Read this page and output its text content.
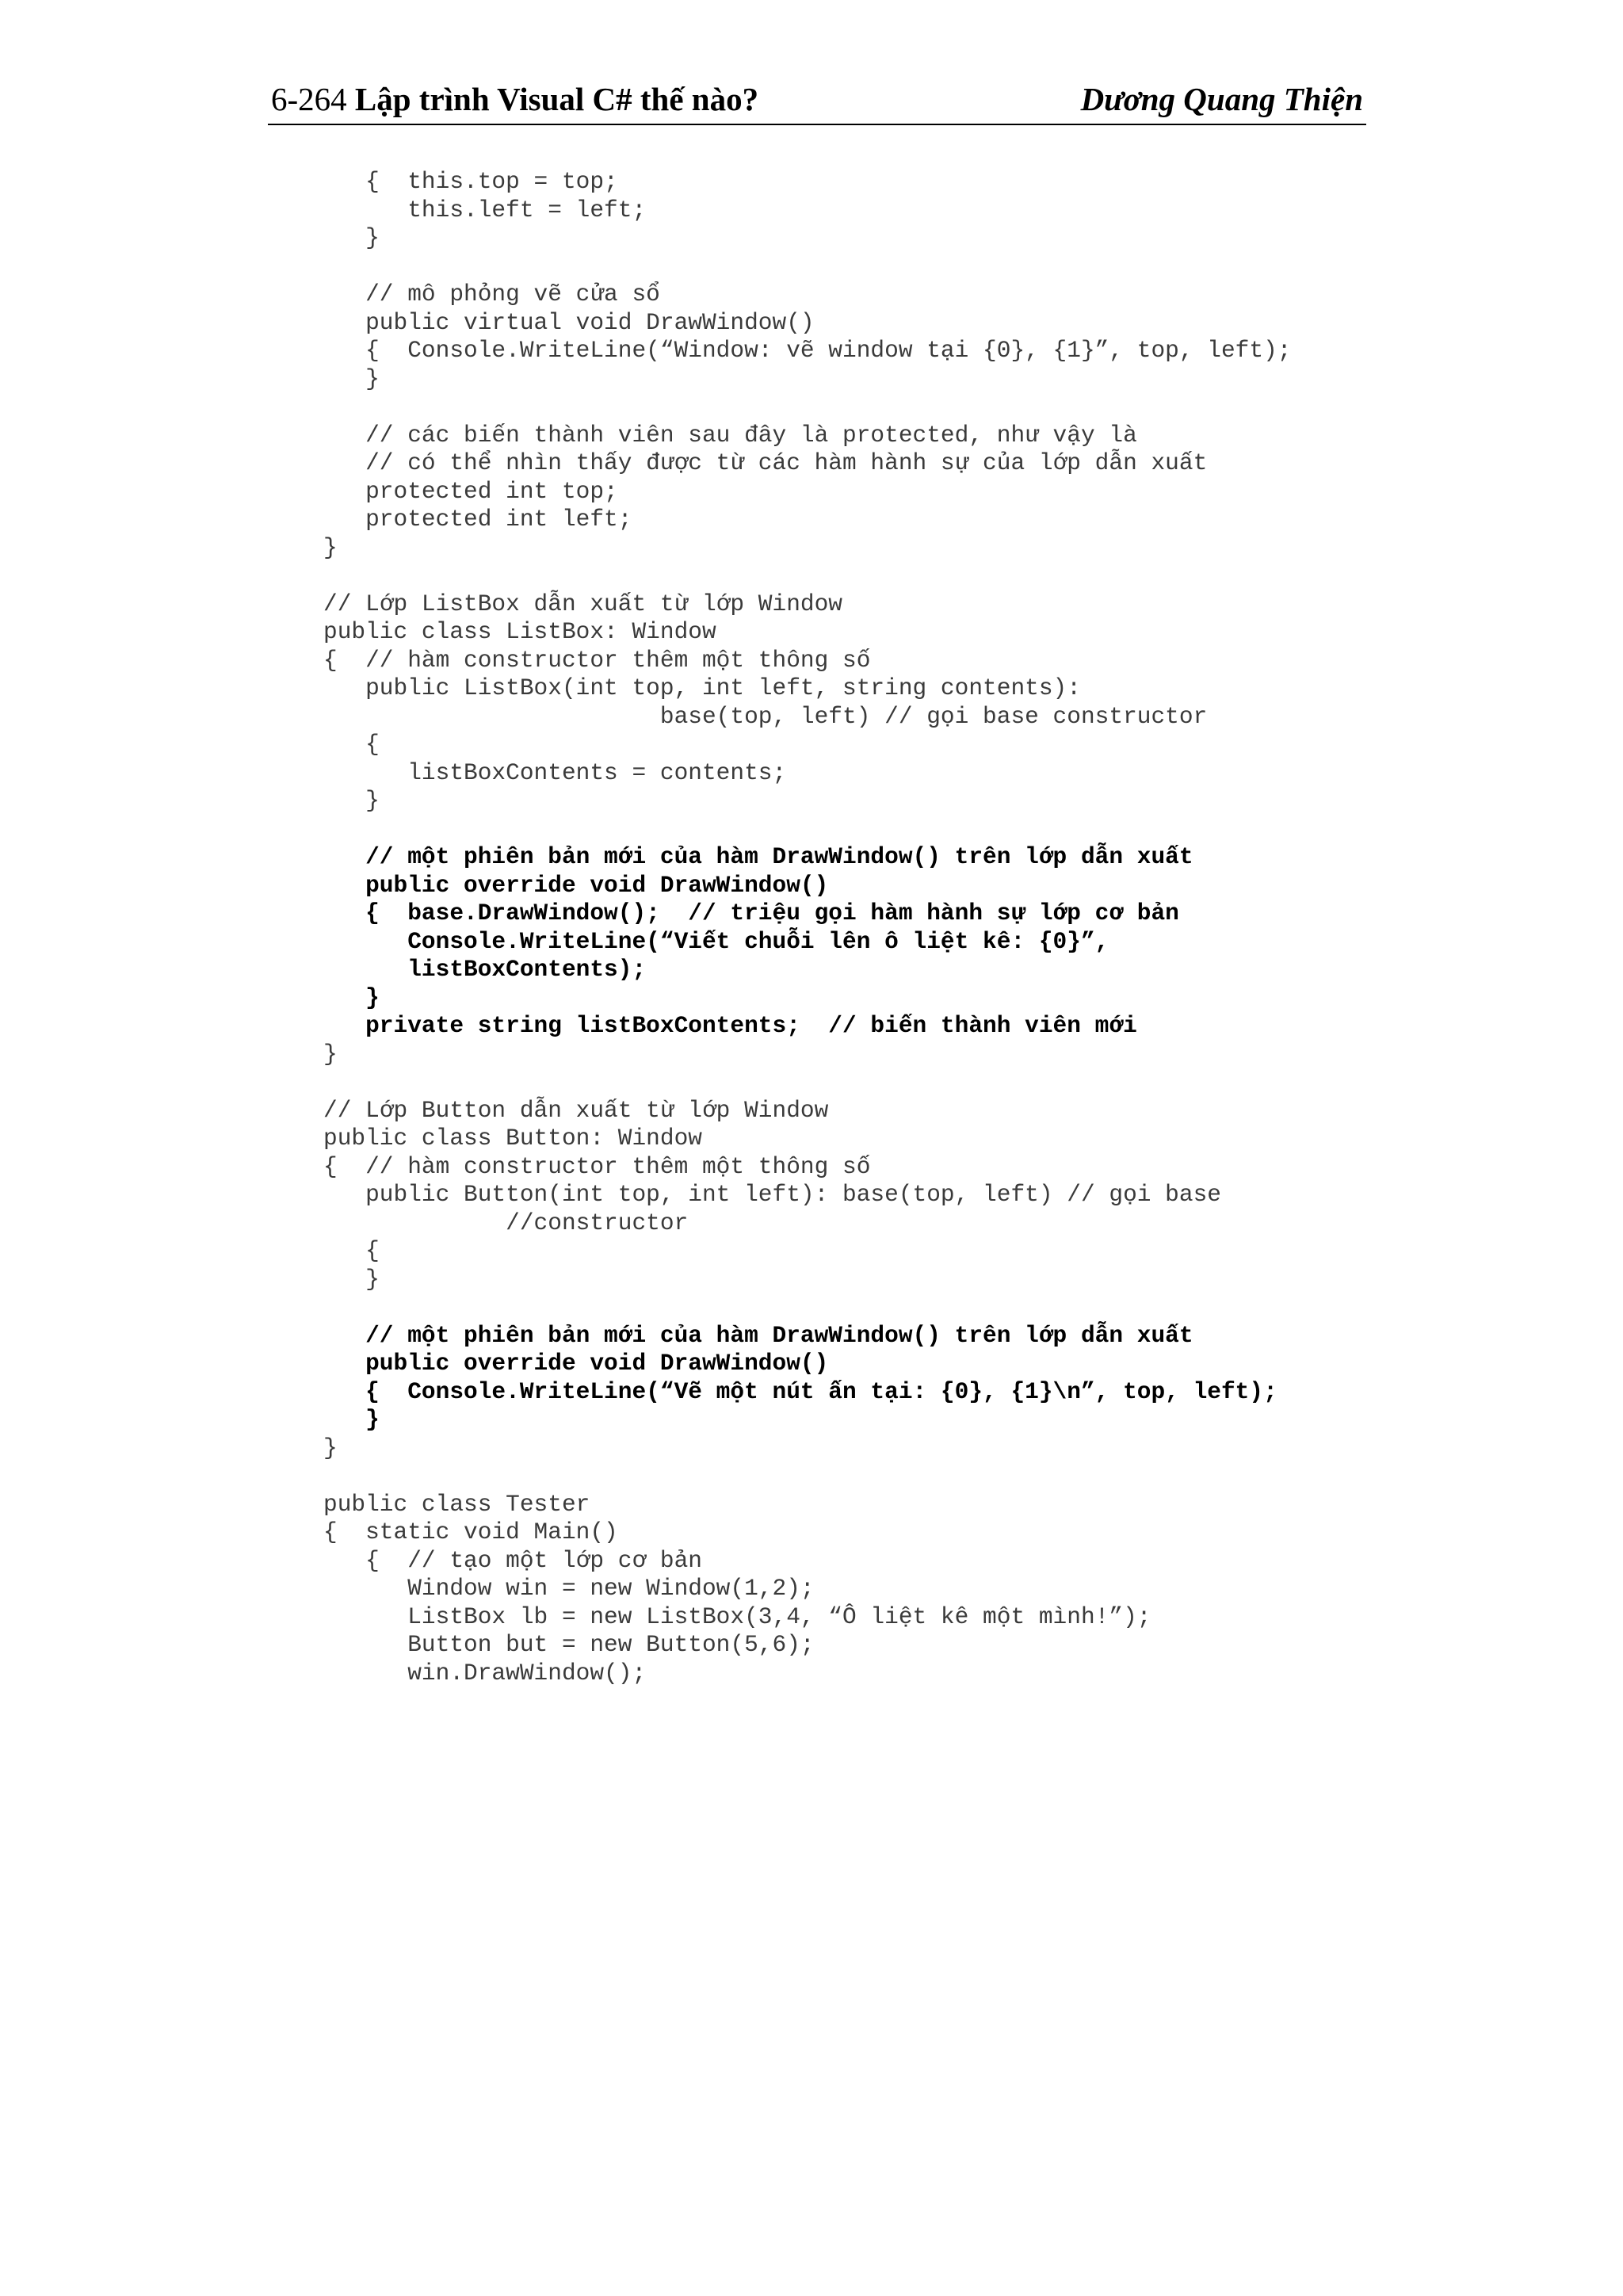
6-264 Lập trình Visual C# thế nào?	Dương Quang Thiện
{  this.top = top;
this.left = left;
}
// mô phỏng vẽ cửa sổ
public virtual void DrawWindow()
{  Console.WriteLine(“Window: vẽ window tại {0}, {1}”, top, left);
}
// các biến thành viên sau đây là protected, như vậy là
// có thể nhìn thấy được từ các hàm hành sự của lớp dẫn xuất
protected int top;
protected int left;
}
// Lớp ListBox dẫn xuất từ lớp Window
public class ListBox: Window
{  // hàm constructor thêm một thông số
public ListBox(int top, int left, string contents):
base(top, left) // gọi base constructor
{
listBoxContents = contents;
}
// một phiên bản mới của hàm DrawWindow() trên lớp dẫn xuất
public override void DrawWindow()
{  base.DrawWindow();  // triệu gọi hàm hành sự lớp cơ bản
Console.WriteLine(“Viết chuỗi lên ô liệt kê: {0}”,
listBoxContents);
}
private string listBoxContents;  // biến thành viên mới
}
// Lớp Button dẫn xuất từ lớp Window
public class Button: Window
{  // hàm constructor thêm một thông số
public Button(int top, int left): base(top, left) // gọi base
//constructor
{
}
// một phiên bản mới của hàm DrawWindow() trên lớp dẫn xuất
public override void DrawWindow()
{  Console.WriteLine(“Vẽ một nút ấn tại: {0}, {1}\n”, top, left);
}
}
public class Tester
{  static void Main()
{  // tạo một lớp cơ bản
Window win = new Window(1,2);
ListBox lb = new ListBox(3,4, “Ô liệt kê một mình!”);
Button but = new Button(5,6);
win.DrawWindow();
